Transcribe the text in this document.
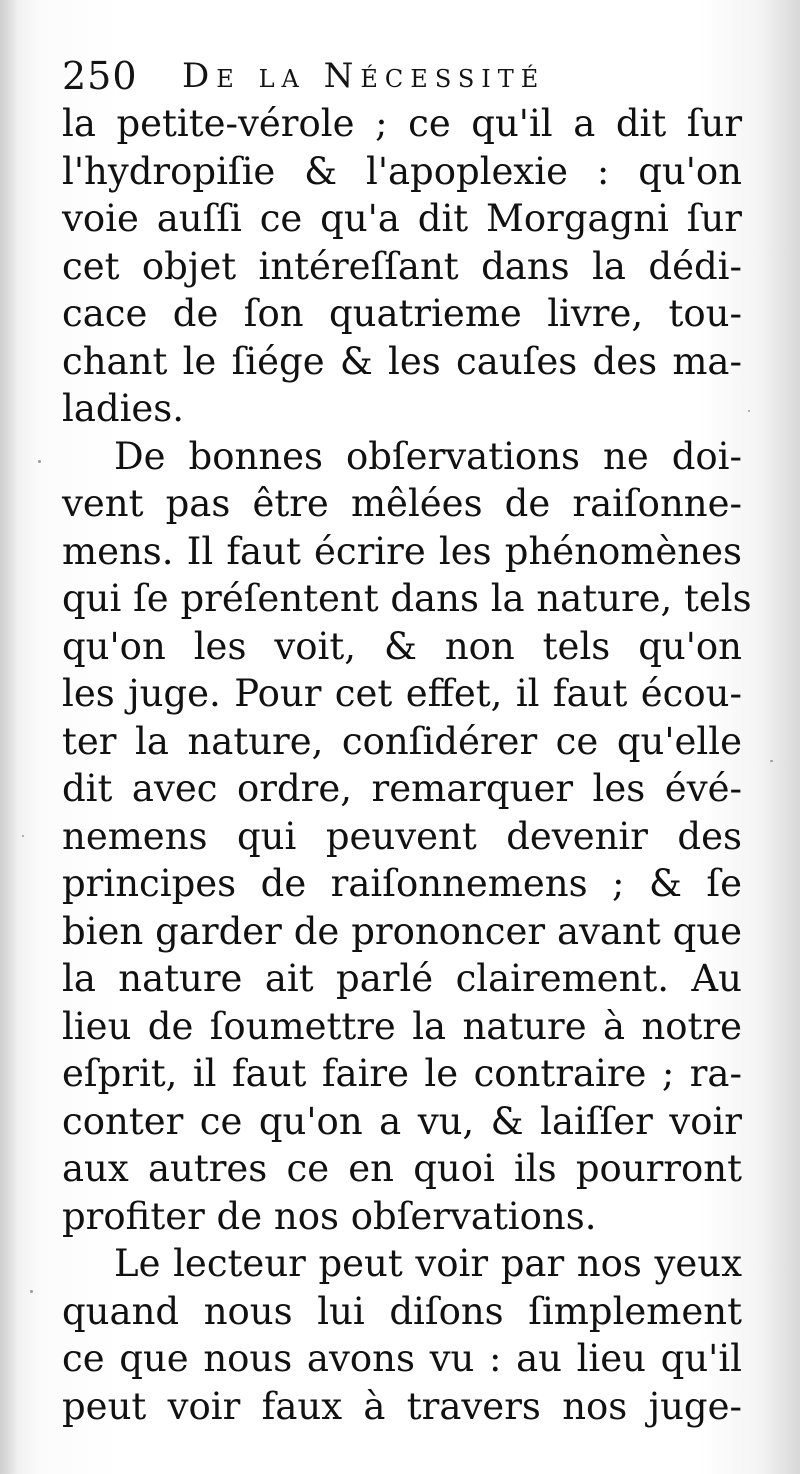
250 De la Nécessité
la petite-vérole ; ce qu'il a dit ſur
l'hydropiſie & l'apoplexie : qu'on
voie auſſi ce qu'a dit Morgagni ſur
cet objet intéreſſant dans la dédi-
cace de ſon quatrieme livre, tou-
chant le ſiége & les cauſes des ma-
ladies.
De bonnes obſervations ne doi-
vent pas être mêlées de raiſonne-
mens. Il faut écrire les phénomènes
qui ſe préſentent dans la nature, tels
qu'on les voit, & non tels qu'on
les juge. Pour cet effet, il faut écou-
ter la nature, conſidérer ce qu'elle
dit avec ordre, remarquer les évé-
nemens qui peuvent devenir des
principes de raiſonnemens ; & ſe
bien garder de prononcer avant que
la nature ait parlé clairement. Au
lieu de ſoumettre la nature à notre
eſprit, il faut faire le contraire ; ra-
conter ce qu'on a vu, & laiſſer voir
aux autres ce en quoi ils pourront
profiter de nos obſervations.
Le lecteur peut voir par nos yeux
quand nous lui diſons ſimplement
ce que nous avons vu : au lieu qu'il
peut voir faux à travers nos juge-
